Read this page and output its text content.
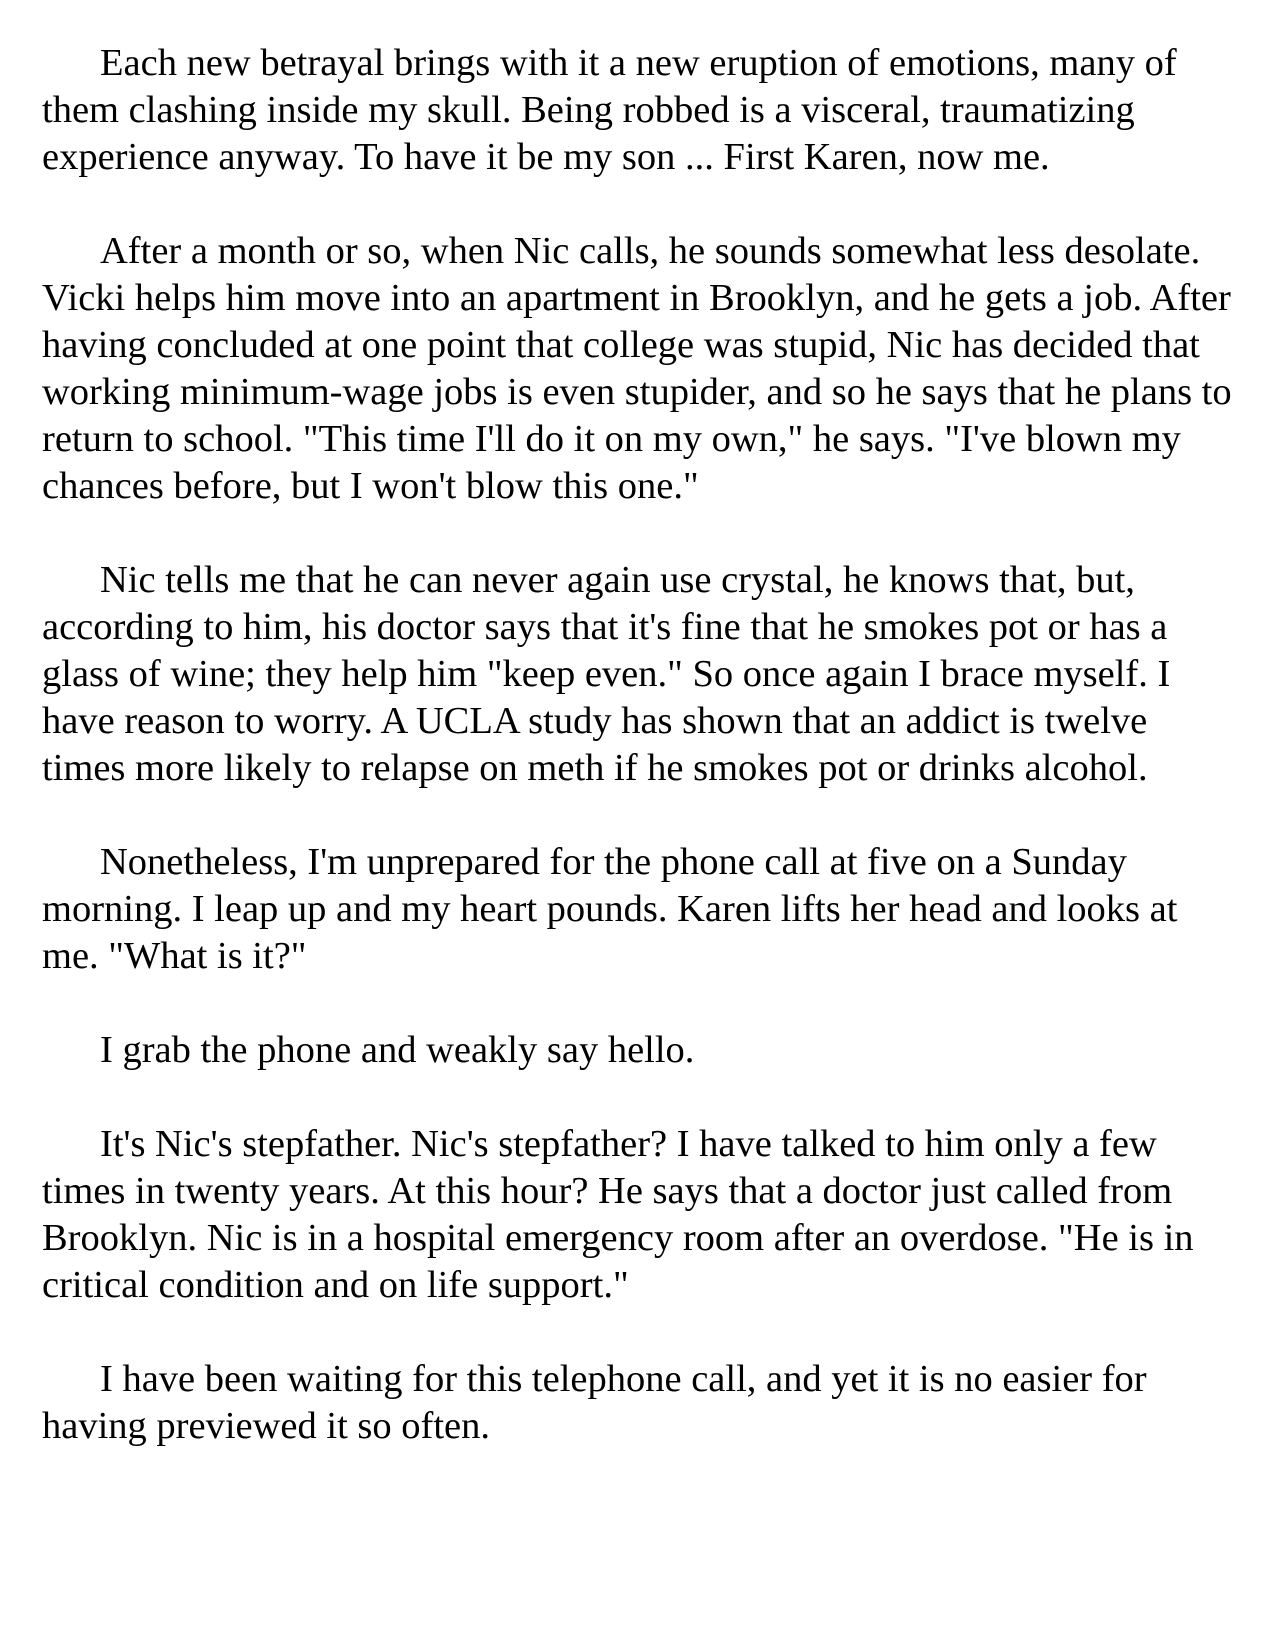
Each new betrayal brings with it a new eruption of emotions, many of them clashing inside my skull. Being robbed is a visceral, traumatizing experience anyway. To have it be my son ... First Karen, now me.

After a month or so, when Nic calls, he sounds somewhat less desolate. Vicki helps him move into an apartment in Brooklyn, and he gets a job. After having concluded at one point that college was stupid, Nic has decided that working minimum-wage jobs is even stupider, and so he says that he plans to return to school. "This time I'll do it on my own," he says. "I've blown my chances before, but I won't blow this one."

Nic tells me that he can never again use crystal, he knows that, but, according to him, his doctor says that it's fine that he smokes pot or has a glass of wine; they help him "keep even." So once again I brace myself. I have reason to worry. A UCLA study has shown that an addict is twelve times more likely to relapse on meth if he smokes pot or drinks alcohol.

Nonetheless, I'm unprepared for the phone call at five on a Sunday morning. I leap up and my heart pounds. Karen lifts her head and looks at me. "What is it?"

I grab the phone and weakly say hello.

It's Nic's stepfather. Nic's stepfather? I have talked to him only a few times in twenty years. At this hour? He says that a doctor just called from Brooklyn. Nic is in a hospital emergency room after an overdose. "He is in critical condition and on life support."

I have been waiting for this telephone call, and yet it is no easier for having previewed it so often.
